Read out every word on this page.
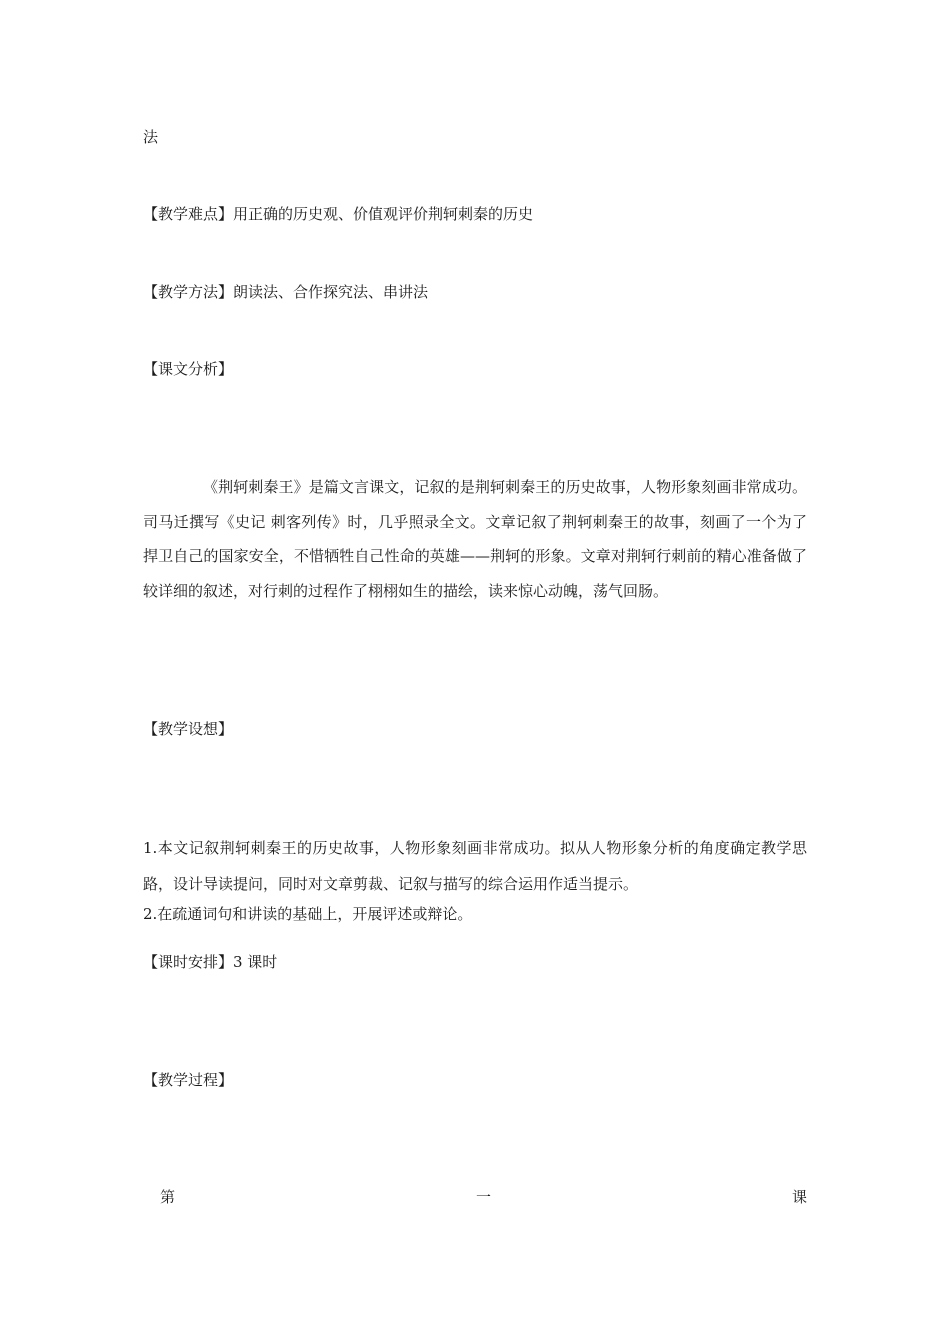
法
【教学难点】用正确的历史观、价值观评价荆轲刺秦的历史
【教学方法】朗读法、合作探究法、串讲法
【课文分析】
《荆轲刺秦王》是篇文言课文，记叙的是荆轲刺秦王的历史故事，人物形象刻画非常成功。司马迁撰写《史记 刺客列传》时，几乎照录全文。文章记叙了荆轲刺秦王的故事，刻画了一个为了捍卫自己的国家安全，不惜牺牲自己性命的英雄——荆轲的形象。文章对荆轲行刺前的精心准备做了较详细的叙述，对行刺的过程作了栩栩如生的描绘，读来惊心动魄，荡气回肠。
【教学设想】
1.本文记叙荆轲刺秦王的历史故事，人物形象刻画非常成功。拟从人物形象分析的角度确定教学思路，设计导读提问，同时对文章剪裁、记叙与描写的综合运用作适当提示。
2.在疏通词句和讲读的基础上，开展评述或辩论。
【课时安排】3 课时
【教学过程】
第	一	课
